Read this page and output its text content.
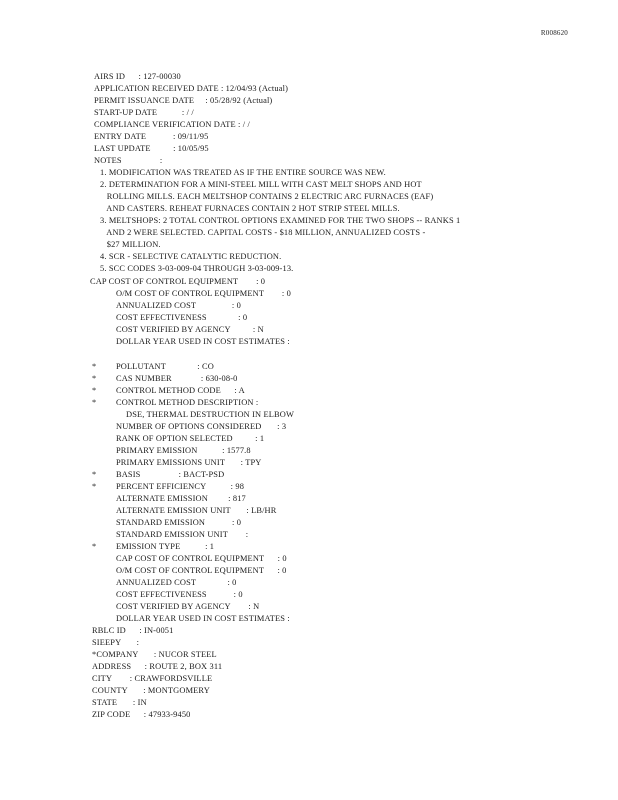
R008620
AIRS ID      : 127-00030
APPLICATION RECEIVED DATE : 12/04/93 (Actual)
PERMIT ISSUANCE DATE     : 05/28/92 (Actual)
START-UP DATE           : / /
COMPLIANCE VERIFICATION DATE : / /
ENTRY DATE            : 09/11/95
LAST UPDATE          : 10/05/95
NOTES                 :
1. MODIFICATION WAS TREATED AS IF THE ENTIRE SOURCE WAS NEW.
2. DETERMINATION FOR A MINI-STEEL MILL WITH CAST MELT SHOPS AND HOT
ROLLING MILLS. EACH MELTSHOP CONTAINS 2 ELECTRIC ARC FURNACES (EAF)
AND CASTERS. REHEAT FURNACES CONTAIN 2 HOT STRIP STEEL MILLS.
3. MELTSHOPS: 2 TOTAL CONTROL OPTIONS EXAMINED FOR THE TWO SHOPS -- RANKS 1
AND 2 WERE SELECTED. CAPITAL COSTS - $18 MILLION, ANNUALIZED COSTS -
$27 MILLION.
4. SCR - SELECTIVE CATALYTIC REDUCTION.
5. SCC CODES 3-03-009-04 THROUGH 3-03-009-13.
CAP COST OF CONTROL EQUIPMENT        : 0
O/M COST OF CONTROL EQUIPMENT        : 0
ANNUALIZED COST                : 0
COST EFFECTIVENESS              : 0
COST VERIFIED BY AGENCY          : N
DOLLAR YEAR USED IN COST ESTIMATES :
* POLLUTANT              : CO
* CAS NUMBER             : 630-08-0
* CONTROL METHOD CODE      : A
* CONTROL METHOD DESCRIPTION :
DSE, THERMAL DESTRUCTION IN ELBOW
NUMBER OF OPTIONS CONSIDERED       : 3
RANK OF OPTION SELECTED          : 1
PRIMARY EMISSION           : 1577.8
PRIMARY EMISSIONS UNIT       : TPY
* BASIS                 : BACT-PSD
* PERCENT EFFICIENCY           : 98
ALTERNATE EMISSION         : 817
ALTERNATE EMISSION UNIT       : LB/HR
STANDARD EMISSION            : 0
STANDARD EMISSION UNIT        :
* EMISSION TYPE           : 1
CAP COST OF CONTROL EQUIPMENT      : 0
O/M COST OF CONTROL EQUIPMENT      : 0
ANNUALIZED COST              : 0
COST EFFECTIVENESS            : 0
COST VERIFIED BY AGENCY        : N
DOLLAR YEAR USED IN COST ESTIMATES :
RBLC ID      : IN-0051
SIEEPY       :
*COMPANY       : NUCOR STEEL
ADDRESS      : ROUTE 2, BOX 311
CITY        : CRAWFORDSVILLE
COUNTY       : MONTGOMERY
STATE       : IN
ZIP CODE      : 47933-9450
